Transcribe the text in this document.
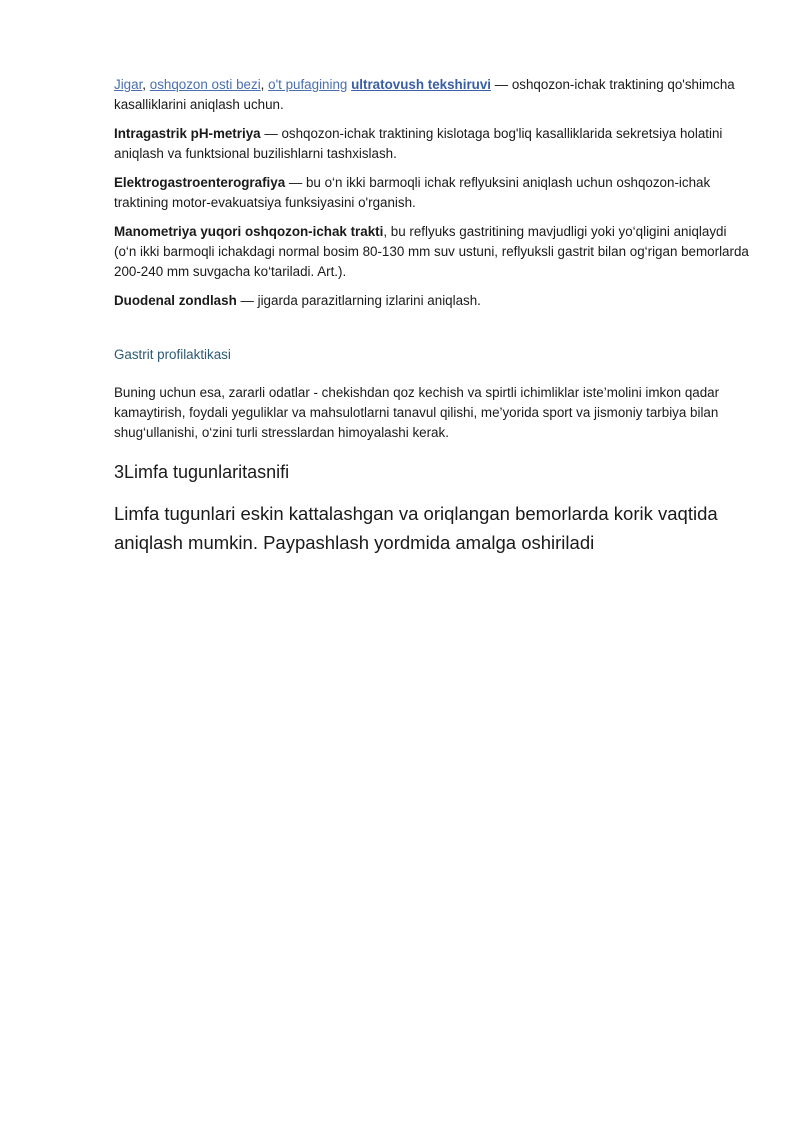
Jigar, oshqozon osti bezi, o't pufagining ultratovush tekshiruvi — oshqozon-ichak traktining qo'shimcha kasalliklarini aniqlash uchun.

Intragastrik pH-metriya — oshqozon-ichak traktining kislotaga bog'liq kasalliklarida sekretsiya holatini aniqlash va funktsional buzilishlarni tashxislash.

Elektrogastroenterografiya — bu o‘n ikki barmoqli ichak reflyuksini aniqlash uchun oshqozon-ichak traktining motor-evakuatsiya funksiyasini o'rganish.

Manometriya yuqori oshqozon-ichak trakti, bu reflyuks gastritining mavjudligi yoki yo‘qligini aniqlaydi (o‘n ikki barmoqli ichakdagi normal bosim 80-130 mm suv ustuni, reflyuksli gastrit bilan og‘rigan bemorlarda 200-240 mm suvgacha ko‘tariladi. Art.).

Duodenal zondlash — jigarda parazitlarning izlarini aniqlash.

Gastrit profilaktikasi
Buning uchun esa, zararli odatlar - chekishdan qoz kechish va spirtli ichimliklar iste’molini imkon qadar kamaytirish, foydali yeguliklar va mahsulotlarni tanavul qilishi, me’yorida sport va jismoniy tarbiya bilan shug‘ullanishi, o‘zini turli stresslardan himoyalashi kerak.
3Limfa tugunlaritasnifi
Limfa tugunlari eskin kattalashgan va oriqlangan bemorlarda korik vaqtida aniqlash mumkin. Paypashlash yordmida amalga oshiriladi
